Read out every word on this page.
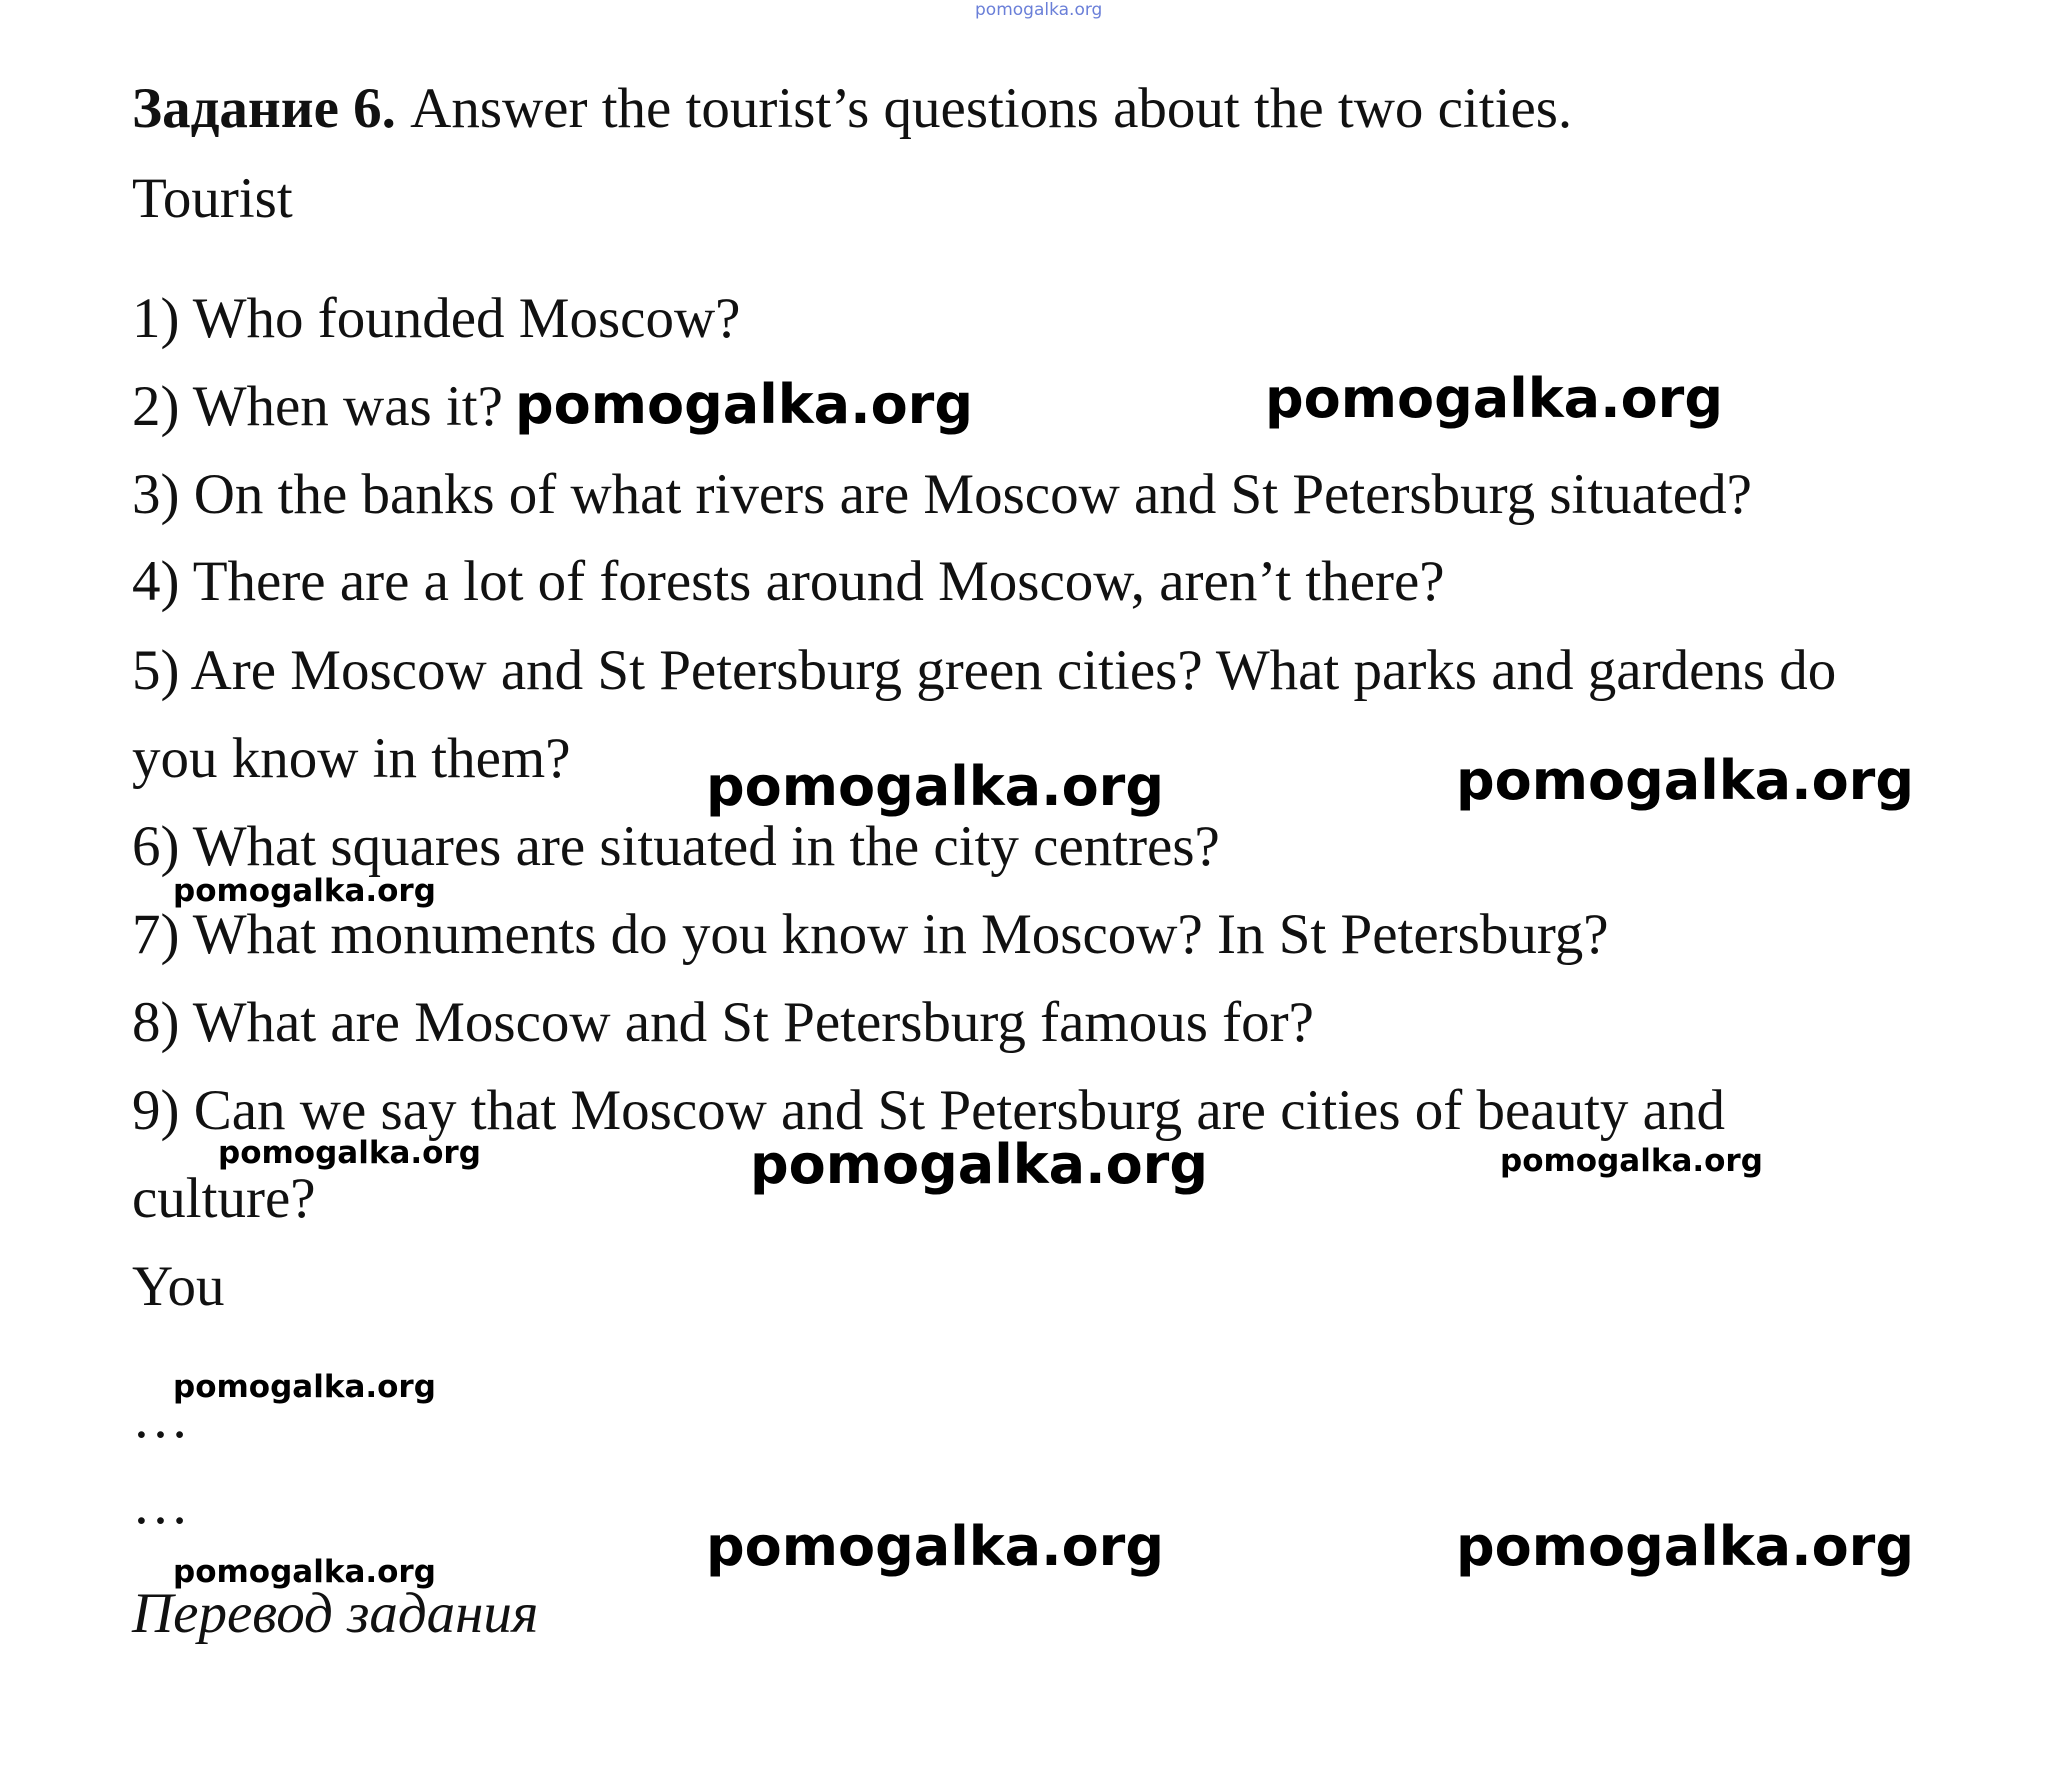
pomogalka.org
Задание 6. Answer the tourist’s questions about the two cities.
Tourist
1) Who founded Moscow?
2) When was it?
3) On the banks of what rivers are Moscow and St Petersburg situated?
4) There are a lot of forests around Moscow, aren’t there?
5) Are Moscow and St Petersburg green cities? What parks and gardens do
you know in them?
6) What squares are situated in the city centres?
7) What monuments do you know in Moscow? In St Petersburg?
8) What are Moscow and St Petersburg famous for?
9) Can we say that Moscow and St Petersburg are cities of beauty and
culture?
You
…
…
Перевод задания
pomogalka.org	pomogalka.org
pomogalka.org	pomogalka.org
pomogalka.org
pomogalka.org	pomogalka.org	pomogalka.org
pomogalka.org
pomogalka.org	pomogalka.org
pomogalka.org
